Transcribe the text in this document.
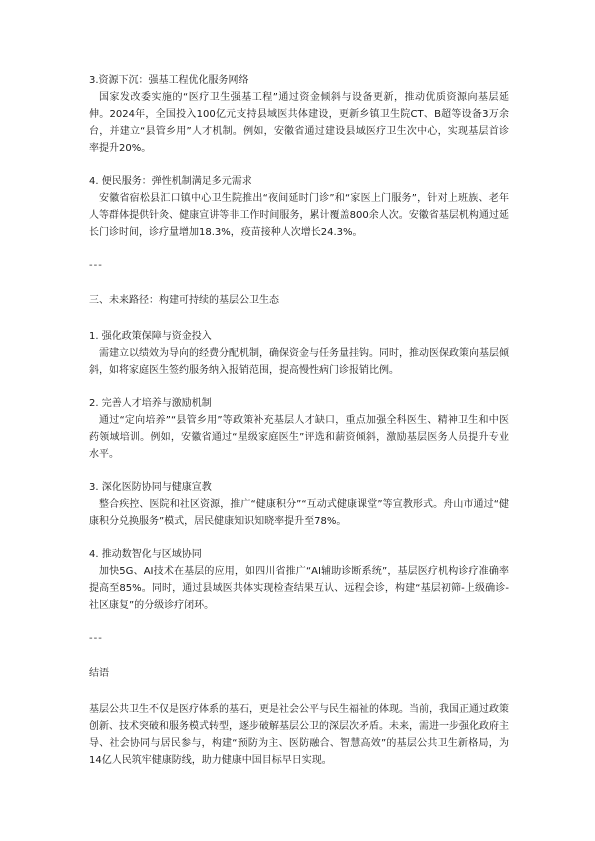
3.资源下沉：强基工程优化服务网络

国家发改委实施的“医疗卫生强基工程”通过资金倾斜与设备更新，推动优质资源向基层延伸。2024年，全国投入100亿元支持县域医共体建设，更新乡镇卫生院CT、B超等设备3万余台，并建立“县管乡用”人才机制。例如，安徽省通过建设县域医疗卫生次中心，实现基层首诊率提升20%。

4. 便民服务：弹性机制满足多元需求

安徽省宿松县汇口镇中心卫生院推出“夜间延时门诊”和“家医上门服务”，针对上班族、老年人等群体提供针灸、健康宣讲等非工作时间服务，累计覆盖800余人次。安徽省基层机构通过延长门诊时间，诊疗量增加18.3%，疫苗接种人次增长24.3%。

---

三、未来路径：构建可持续的基层公卫生态

1. 强化政策保障与资金投入

需建立以绩效为导向的经费分配机制，确保资金与任务量挂钩。同时，推动医保政策向基层倾斜，如将家庭医生签约服务纳入报销范围，提高慢性病门诊报销比例。

2. 完善人才培养与激励机制

通过“定向培养”“县管乡用”等政策补充基层人才缺口，重点加强全科医生、精神卫生和中医药领域培训。例如，安徽省通过“星级家庭医生”评选和薪资倾斜，激励基层医务人员提升专业水平。

3. 深化医防协同与健康宣教

整合疾控、医院和社区资源，推广“健康积分”“互动式健康课堂”等宣教形式。舟山市通过“健康积分兑换服务”模式，居民健康知识知晓率提升至78%。

4. 推动数智化与区域协同

加快5G、AI技术在基层的应用，如四川省推广“AI辅助诊断系统”，基层医疗机构诊疗准确率提高至85%。同时，通过县域医共体实现检查结果互认、远程会诊，构建“基层初筛-上级确诊-社区康复”的分级诊疗闭环。

---

结语

基层公共卫生不仅是医疗体系的基石，更是社会公平与民生福祉的体现。当前，我国正通过政策创新、技术突破和服务模式转型，逐步破解基层公卫的深层次矛盾。未来，需进一步强化政府主导、社会协同与居民参与，构建“预防为主、医防融合、智慧高效”的基层公共卫生新格局，为14亿人民筑牢健康防线，助力健康中国目标早日实现。
